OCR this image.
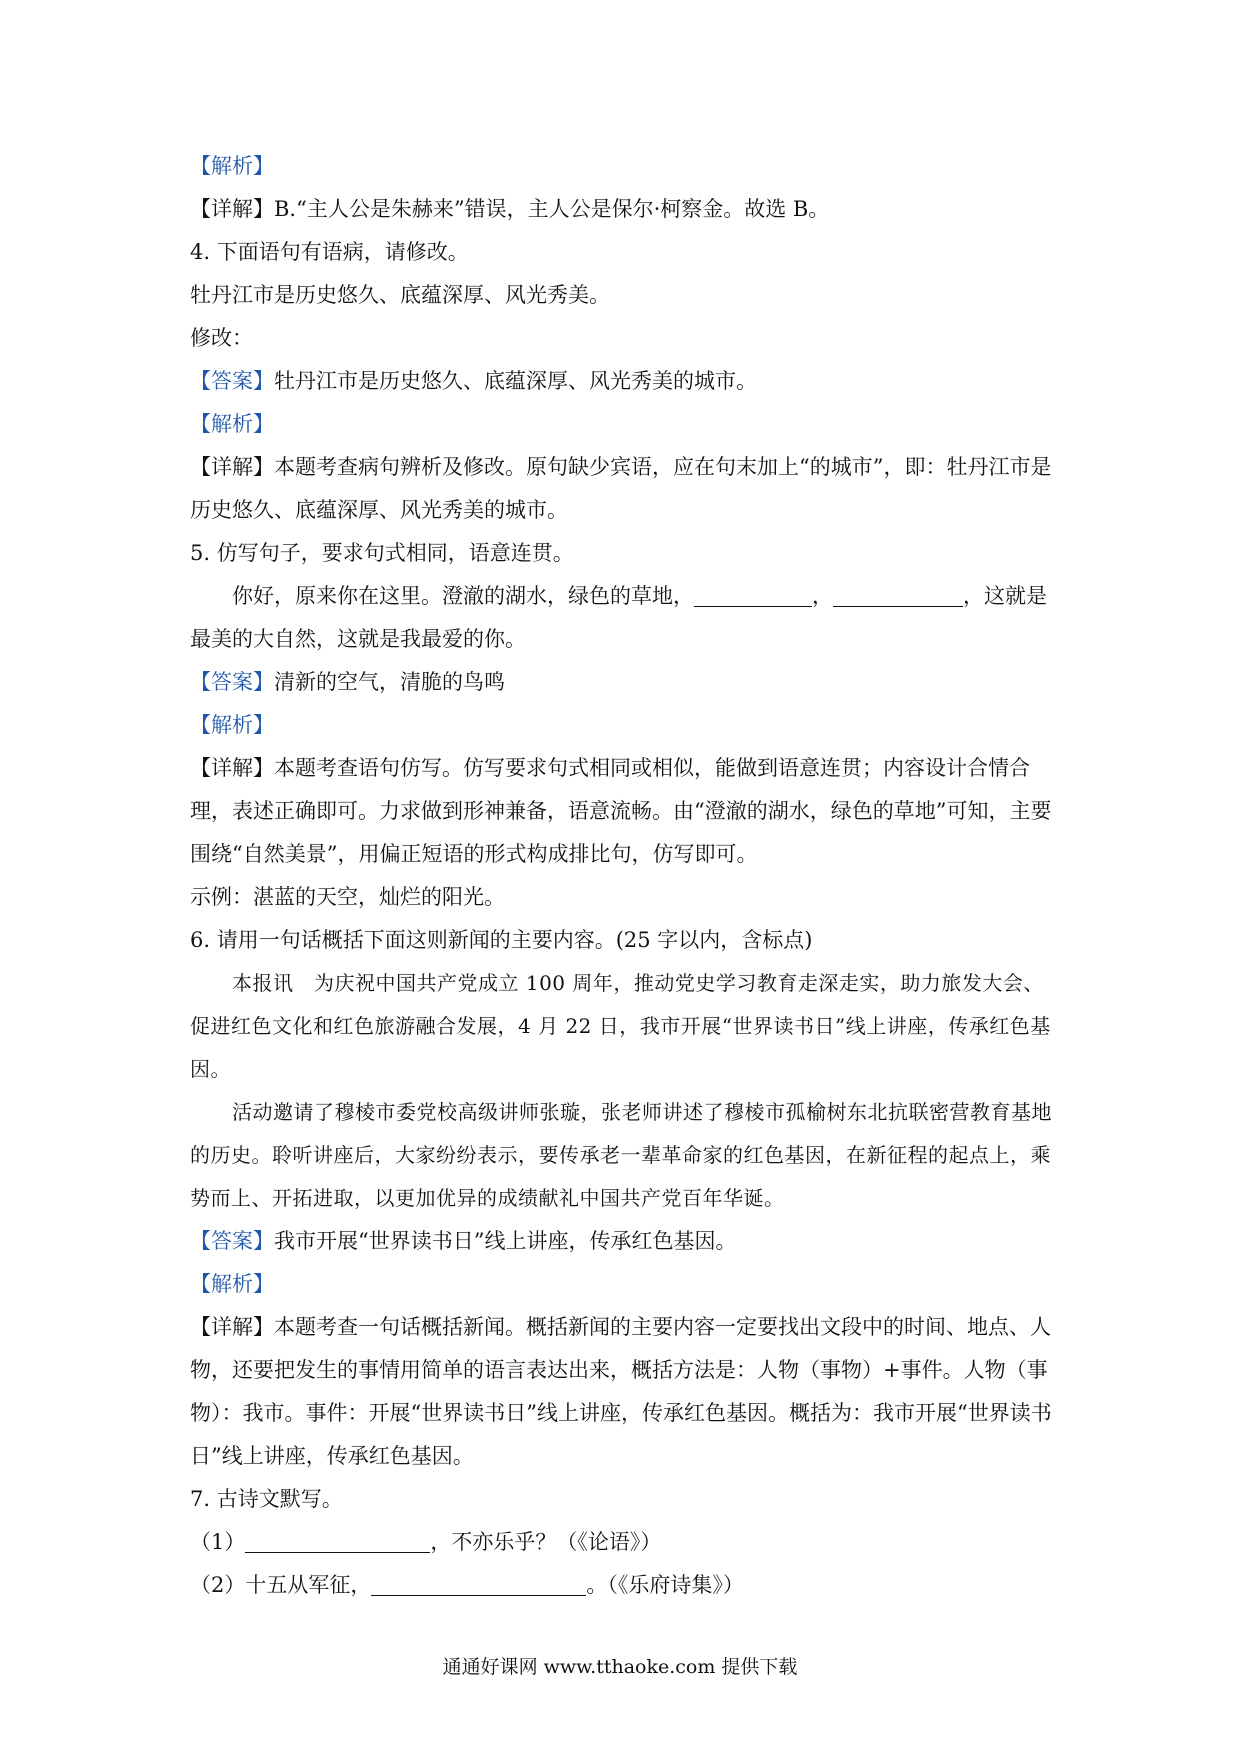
【解析】
【详解】B.“主人公是朱赫来”错误，主人公是保尔·柯察金。故选 B。
4. 下面语句有语病，请修改。
牡丹江市是历史悠久、底蕴深厚、风光秀美。
修改：
【答案】牡丹江市是历史悠久、底蕴深厚、风光秀美的城市。
【解析】
【详解】本题考查病句辨析及修改。原句缺少宾语，应在句末加上“的城市”，即：牡丹江市是历史悠久、底蕴深厚、风光秀美的城市。
5. 仿写句子，要求句式相同，语意连贯。
你好，原来你在这里。澄澈的湖水，绿色的草地，	，	，这就是最美的大自然，这就是我最爱的你。
【答案】清新的空气，清脆的鸟鸣
【解析】
【详解】本题考查语句仿写。仿写要求句式相同或相似，能做到语意连贯；内容设计合情合理，表述正确即可。力求做到形神兼备，语意流畅。由“澄澈的湖水，绿色的草地”可知，主要围绕“自然美景”，用偏正短语的形式构成排比句，仿写即可。
示例：湛蓝的天空，灿烂的阳光。
6. 请用一句话概括下面这则新闻的主要内容。(25 字以内，含标点)
本报讯　为庆祝中国共产党成立 100 周年，推动党史学习教育走深走实，助力旅发大会、促进红色文化和红色旅游融合发展，4 月 22 日，我市开展“世界读书日”线上讲座，传承红色基因。
活动邀请了穆棱市委党校高级讲师张璇，张老师讲述了穆棱市孤榆树东北抗联密营教育基地的历史。聆听讲座后，大家纷纷表示，要传承老一辈革命家的红色基因，在新征程的起点上，乘势而上、开拓进取，以更加优异的成绩献礼中国共产党百年华诞。
【答案】我市开展“世界读书日”线上讲座，传承红色基因。
【解析】
【详解】本题考查一句话概括新闻。概括新闻的主要内容一定要找出文段中的时间、地点、人物，还要把发生的事情用简单的语言表达出来，概括方法是：人物（事物）+事件。人物（事物）：我市。事件：开展“世界读书日”线上讲座，传承红色基因。概括为：我市开展“世界读书日”线上讲座，传承红色基因。
7. 古诗文默写。
（1）	，不亦乐乎？（《论语》）
（2）十五从军征，	。（《乐府诗集》）
通通好课网 www.tthaoke.com 提供下载
